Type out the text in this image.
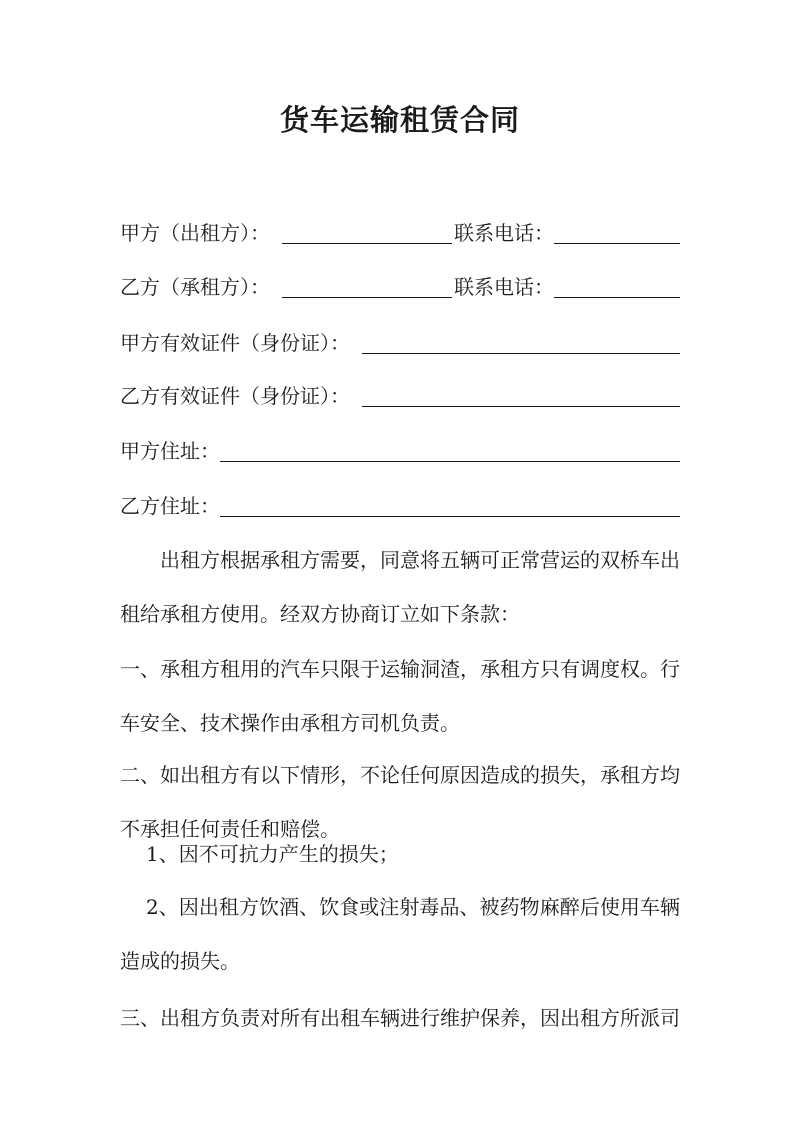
货车运输租赁合同
甲方（出租方）：	联系电话：
乙方（承租方）：	联系电话：
甲方有效证件（身份证）：
乙方有效证件（身份证）：
甲方住址：
乙方住址：

出租方根据承租方需要，同意将五辆可正常营运的双桥车出租给承租方使用。经双方协商订立如下条款：

一、承租方租用的汽车只限于运输洞渣，承租方只有调度权。行车安全、技术操作由承租方司机负责。

二、如出租方有以下情形，不论任何原因造成的损失，承租方均不承担任何责任和赔偿。

1、因不可抗力产生的损失；

2、因出租方饮酒、饮食或注射毒品、被药物麻醉后使用车辆造成的损失。

三、出租方负责对所有出租车辆进行维护保养，因出租方所派司
